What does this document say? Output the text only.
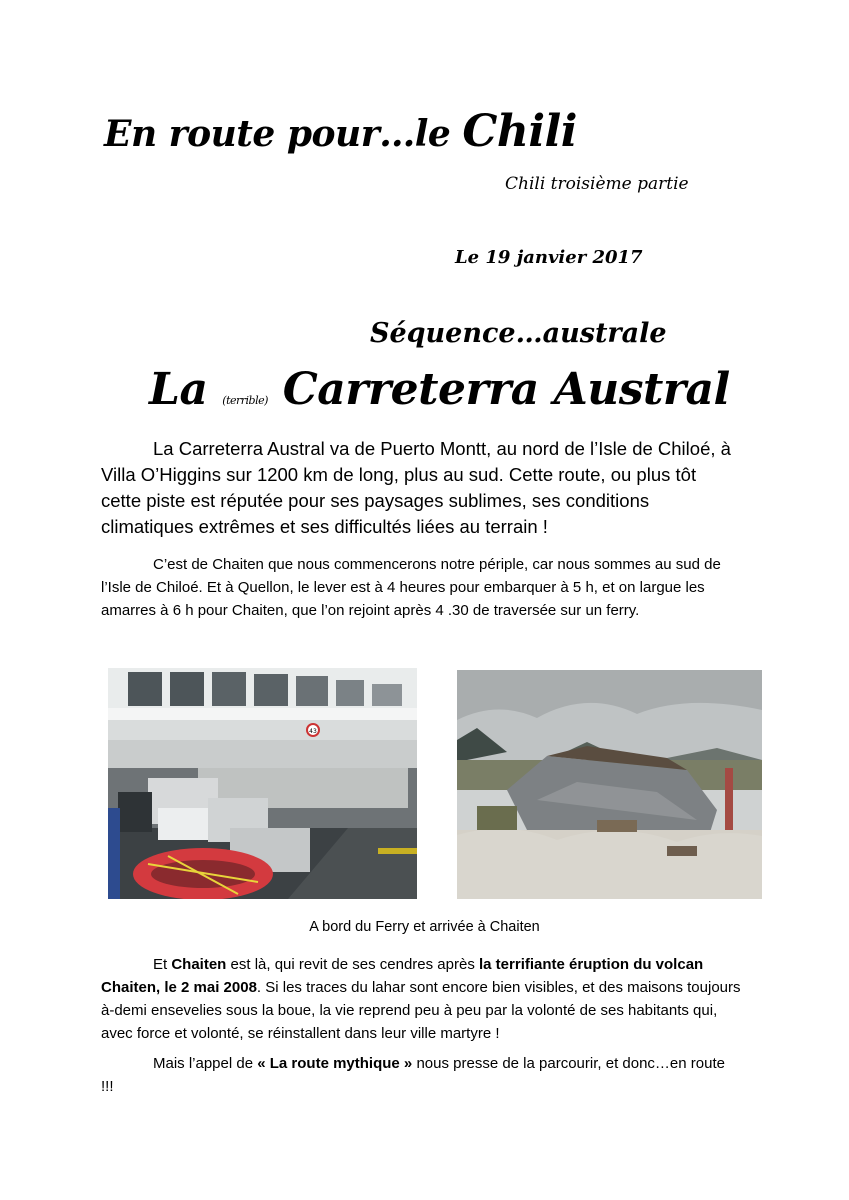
En route pour…le Chili
Chili troisième partie
Le 19 janvier 2017
Séquence…australe
La (terrible) Carreterra Austral

La Carreterra Austral va de Puerto Montt, au nord de l’Isle de Chiloé, à Villa O’Higgins sur 1200 km de long, plus au sud. Cette route, ou plus tôt cette piste est réputée pour ses paysages sublimes, ses conditions climatiques extrêmes et ses difficultés liées au terrain !

C’est de Chaiten que nous commencerons notre périple, car nous sommes au sud de l’Isle de Chiloé. Et à Quellon, le lever est à 4 heures pour embarquer à 5 h, et on largue les amarres à 6 h pour Chaiten, que l’on rejoint après 4 .30 de traversée sur un ferry.

43
A bord du Ferry et arrivée à Chaiten

Et Chaiten est là, qui revit de ses cendres après la terrifiante éruption du volcan Chaiten, le 2 mai 2008. Si les traces du lahar sont encore bien visibles, et des maisons toujours à-demi ensevelies sous la boue, la vie reprend peu à peu par la volonté de ses habitants qui, avec force et volonté, se réinstallent dans leur ville martyre !

Mais l’appel de « La route mythique » nous presse de la parcourir, et donc…en route !!!
